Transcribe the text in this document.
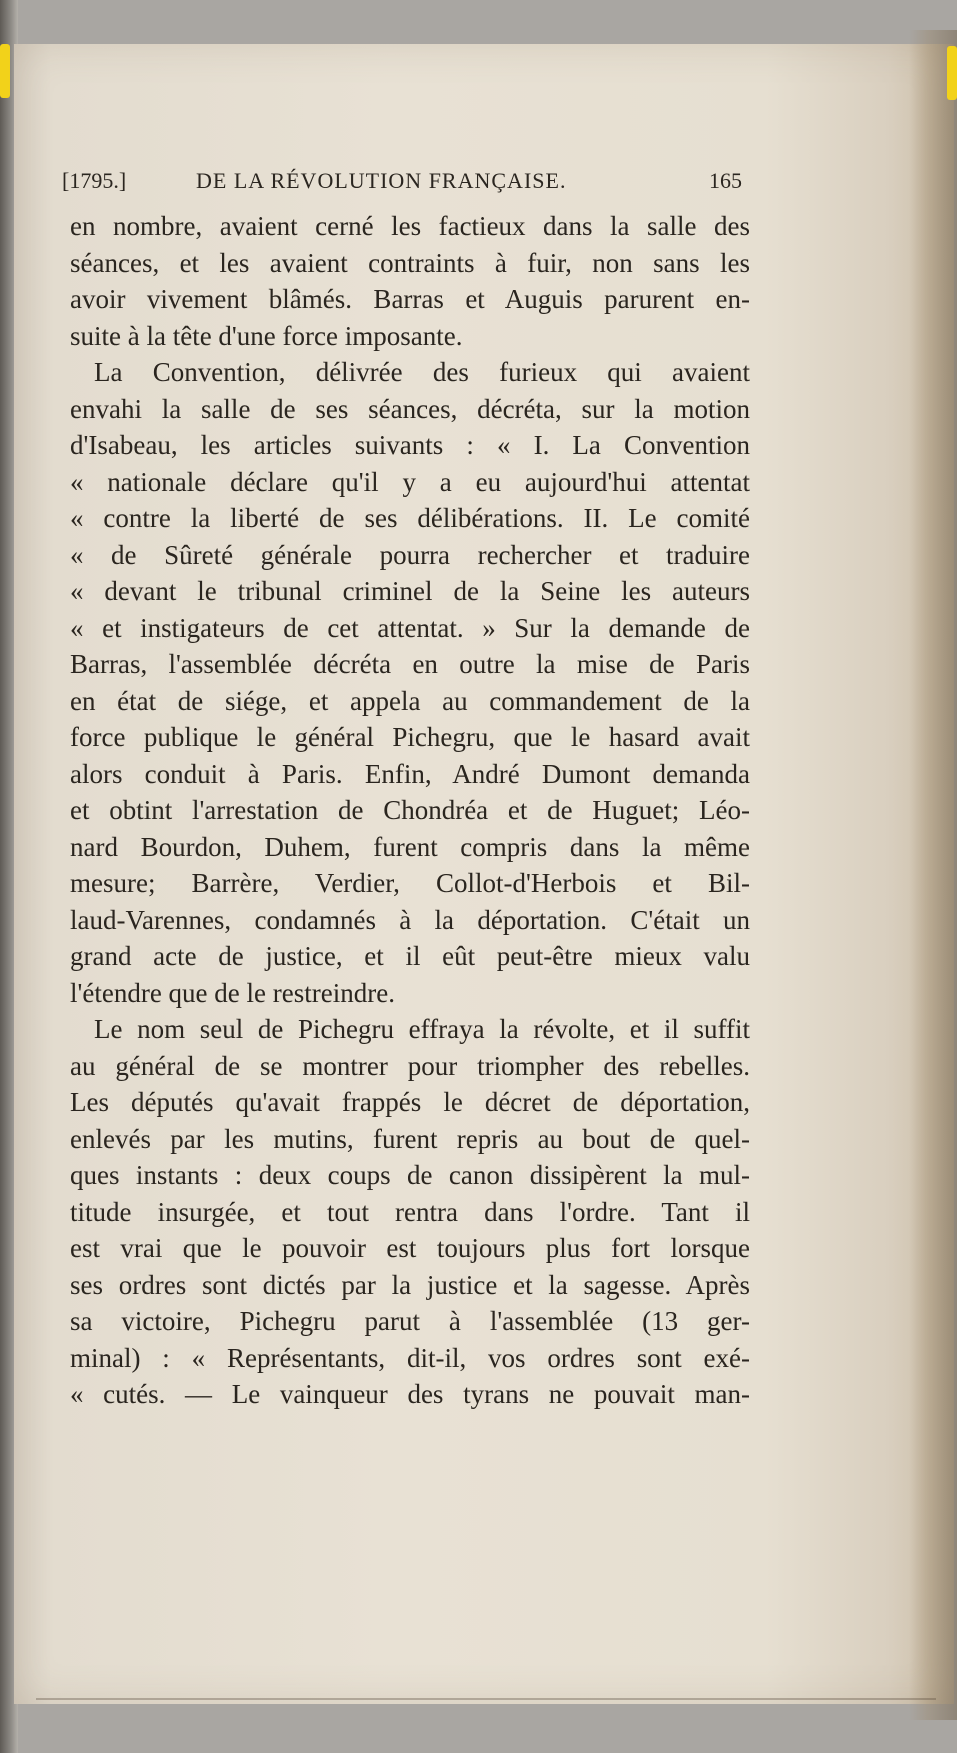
[1795.]	DE LA RÉVOLUTION FRANÇAISE.	165
en nombre, avaient cerné les factieux dans la salle des
séances, et les avaient contraints à fuir, non sans les
avoir vivement blâmés. Barras et Auguis parurent en-
suite à la tête d'une force imposante.
La Convention, délivrée des furieux qui avaient
envahi la salle de ses séances, décréta, sur la motion
d'Isabeau, les articles suivants : « I. La Convention
« nationale déclare qu'il y a eu aujourd'hui attentat
« contre la liberté de ses délibérations. II. Le comité
« de Sûreté générale pourra rechercher et traduire
« devant le tribunal criminel de la Seine les auteurs
« et instigateurs de cet attentat. » Sur la demande de
Barras, l'assemblée décréta en outre la mise de Paris
en état de siége, et appela au commandement de la
force publique le général Pichegru, que le hasard avait
alors conduit à Paris. Enfin, André Dumont demanda
et obtint l'arrestation de Chondréa et de Huguet; Léo-
nard Bourdon, Duhem, furent compris dans la même
mesure; Barrère, Verdier, Collot-d'Herbois et Bil-
laud-Varennes, condamnés à la déportation. C'était un
grand acte de justice, et il eût peut-être mieux valu
l'étendre que de le restreindre.
Le nom seul de Pichegru effraya la révolte, et il suffit
au général de se montrer pour triompher des rebelles.
Les députés qu'avait frappés le décret de déportation,
enlevés par les mutins, furent repris au bout de quel-
ques instants : deux coups de canon dissipèrent la mul-
titude insurgée, et tout rentra dans l'ordre. Tant il
est vrai que le pouvoir est toujours plus fort lorsque
ses ordres sont dictés par la justice et la sagesse. Après
sa victoire, Pichegru parut à l'assemblée (13 ger-
minal) : « Représentants, dit-il, vos ordres sont exé-
« cutés. — Le vainqueur des tyrans ne pouvait man-
